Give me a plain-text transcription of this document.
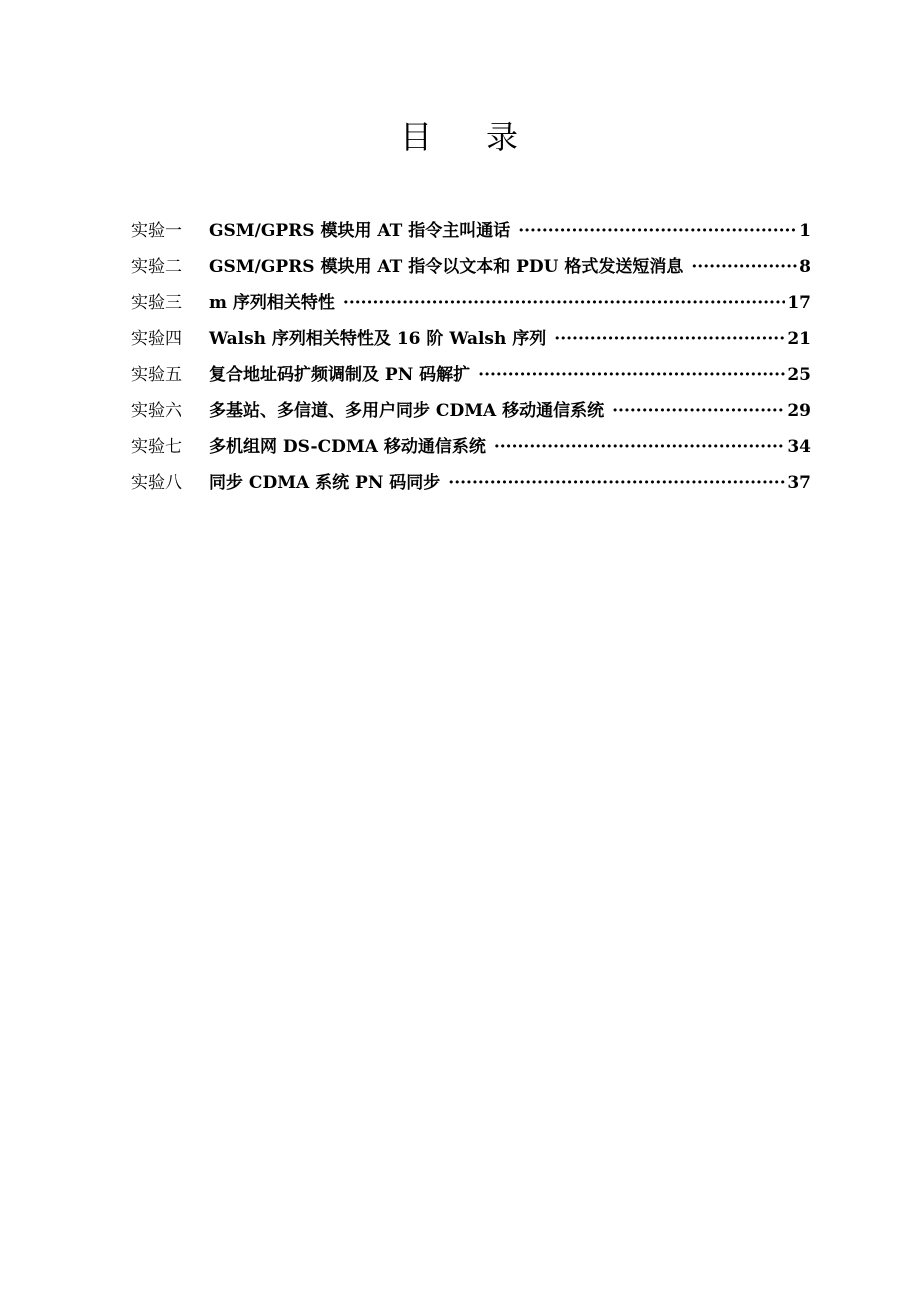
目 录
实验一	GSM/GPRS 模块用 AT 指令主叫通话 ·····	1
实验二	GSM/GPRS 模块用 AT 指令以文本和 PDU 格式发送短消息 ·····	8
实验三	m 序列相关特性 ·····	17
实验四	Walsh 序列相关特性及 16 阶 Walsh 序列 ·····	21
实验五	复合地址码扩频调制及 PN 码解扩 ·····	25
实验六	多基站、多信道、多用户同步 CDMA 移动通信系统 ·····	29
实验七	多机组网 DS-CDMA 移动通信系统 ·····	34
实验八	同步 CDMA 系统 PN 码同步 ·····	37
